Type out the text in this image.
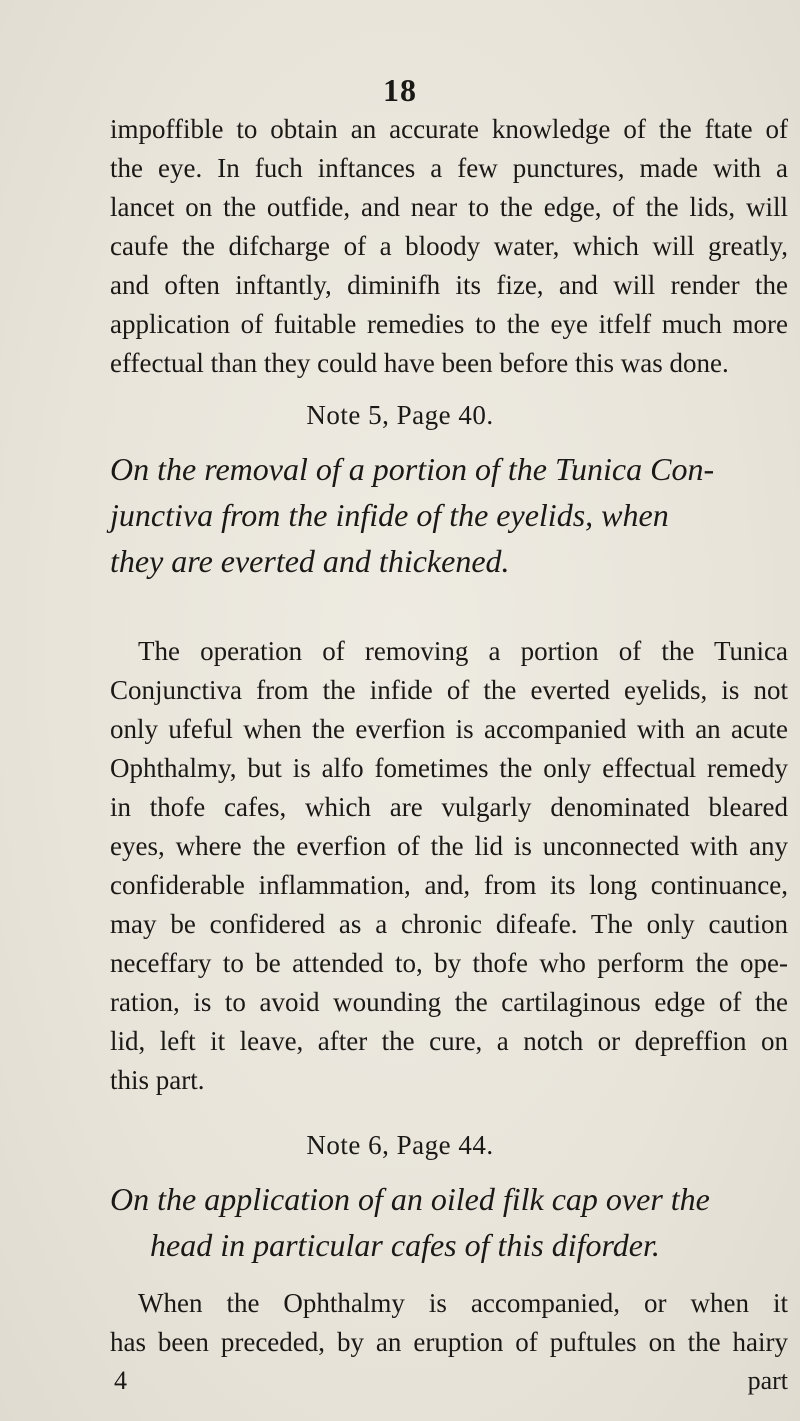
18
impoffible to obtain an accurate knowledge of the ftate of
the eye. In fuch inftances a few punctures, made with a
lancet on the outfide, and near to the edge, of the lids, will
caufe the difcharge of a bloody water, which will greatly,
and often inftantly, diminifh its fize, and will render the
application of fuitable remedies to the eye itfelf much more
effectual than they could have been before this was done.
Note 5, Page 40.
On the removal of a portion of the Tunica Con-
junctiva from the infide of the eyelids, when
they are everted and thickened.
The operation of removing a portion of the Tunica
Conjunctiva from the infide of the everted eyelids, is not
only ufeful when the everfion is accompanied with an acute
Ophthalmy, but is alfo fometimes the only effectual remedy
in thofe cafes, which are vulgarly denominated bleared
eyes, where the everfion of the lid is unconnected with any
confiderable inflammation, and, from its long continuance,
may be confidered as a chronic difeafe. The only caution
neceffary to be attended to, by thofe who perform the ope-
ration, is to avoid wounding the cartilaginous edge of the
lid, left it leave, after the cure, a notch or depreffion on
this part.
Note 6, Page 44.
On the application of an oiled filk cap over the
head in particular cafes of this diforder.
When the Ophthalmy is accompanied, or when it
has been preceded, by an eruption of puftules on the hairy
4	part
